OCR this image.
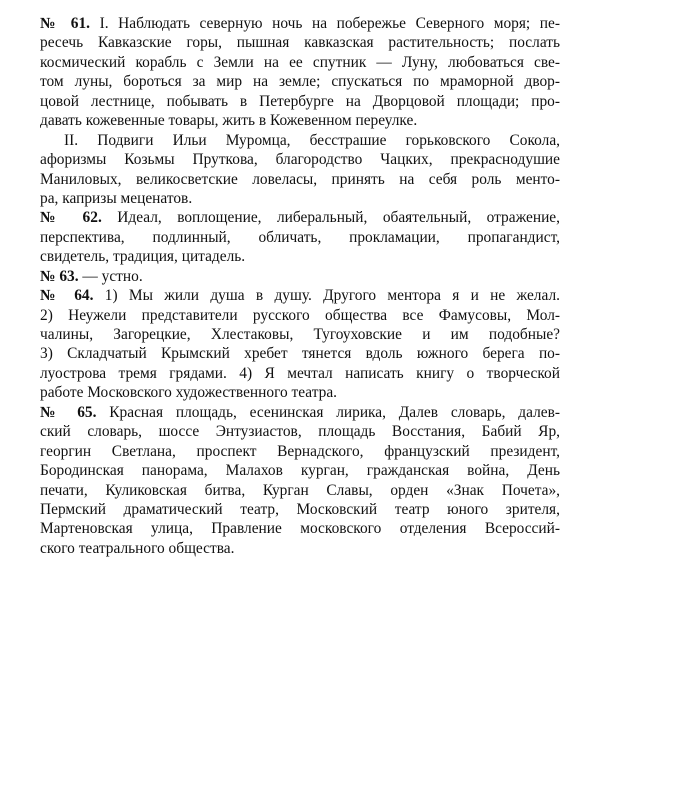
№ 61. I. Наблюдать северную ночь на побережье Северного моря; пе-
ресечь Кавказские горы, пышная кавказская растительность; послать
космический корабль с Земли на ее спутник — Луну, любоваться све-
том луны, бороться за мир на земле; спускаться по мраморной двор-
цовой лестнице, побывать в Петербурге на Дворцовой площади; про-
давать кожевенные товары, жить в Кожевенном переулке.
II. Подвиги Ильи Муромца, бесстрашие горьковского Сокола,
афоризмы Козьмы Пруткова, благородство Чацких, прекраснодушие
Маниловых, великосветские ловеласы, принять на себя роль менто-
ра, капризы меценатов.
№ 62. Идеал, воплощение, либеральный, обаятельный, отражение,
перспектива, подлинный, обличать, прокламации, пропагандист,
свидетель, традиция, цитадель.
№ 63. — устно.
№ 64. 1) Мы жили душа в душу. Другого ментора я и не желал.
2) Неужели представители русского общества все Фамусовы, Мол-
чалины, Загорецкие, Хлестаковы, Тугоуховские и им подобные?
3) Складчатый Крымский хребет тянется вдоль южного берега по-
луострова тремя грядами. 4) Я мечтал написать книгу о творческой
работе Московского художественного театра.
№ 65. Красная площадь, есенинская лирика, Далев словарь, далев-
ский словарь, шоссе Энтузиастов, площадь Восстания, Бабий Яр,
георгин Светлана, проспект Вернадского, французский президент,
Бородинская панорама, Малахов курган, гражданская война, День
печати, Куликовская битва, Курган Славы, орден «Знак Почета»,
Пермский драматический театр, Московский театр юного зрителя,
Мартеновская улица, Правление московского отделения Всероссий-
ского театрального общества.
